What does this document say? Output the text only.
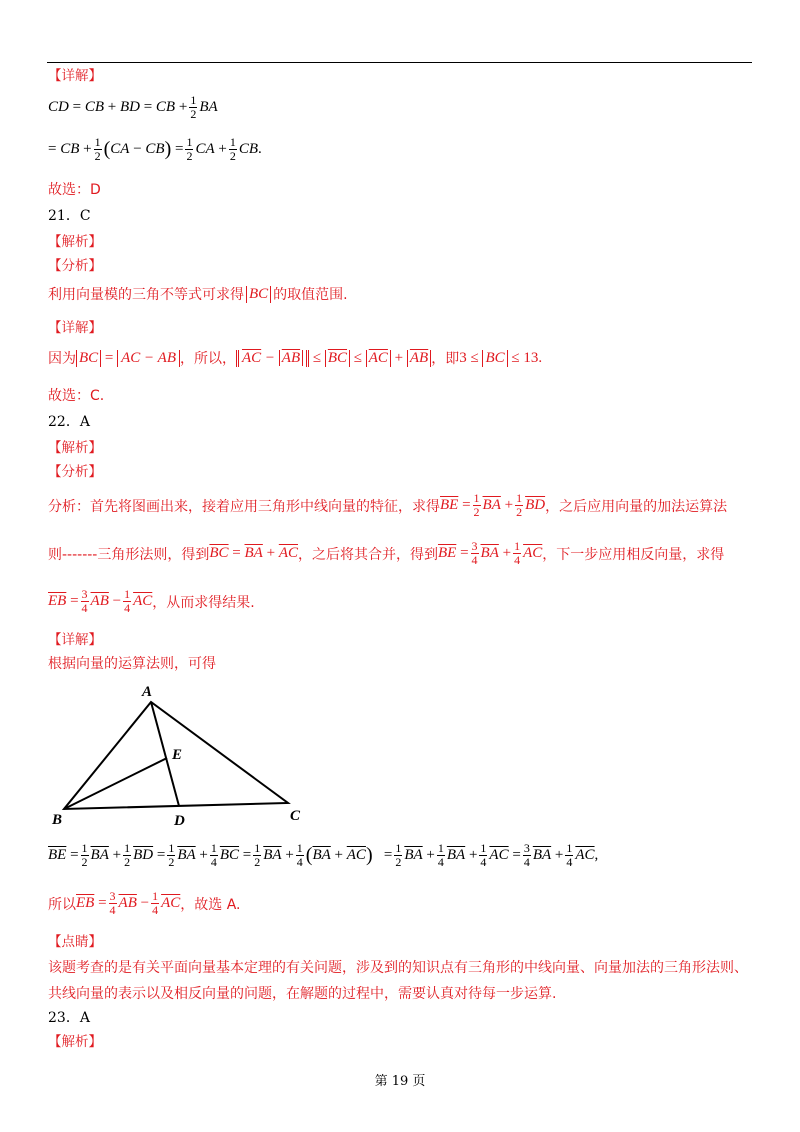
【详解】
CD
=
CB
+
BD
=
CB
+ $\frac{1}{2}$ BA
=
CB
+ $\frac{1}{2}$ ( CA
−
CB )
= $\frac{1}{2}$ CA
+ $\frac{1}{2}$ CB .
故选：D
21．C
【解析】
【分析】
利用向量模的三角不等式可求得 BC 的取值范围.
【详解】
因为 BC = AC − AB ，所以， $\overline{AC} - \overline{AB} \le \overline{BC} \le \overline{AC} + \overline{AB}$ ，即 3 ≤
BC
≤ 13 .
故选：C.
22．A
【解析】
【分析】
分析：首先将图画出来，接着应用三角形中线向量的特征，求得 $\overline{BE} = \frac{1}{2} \overline{BA} + \frac{1}{2} \overline{BD}$ ，之后应用向量的加法运算法
则-------三角形法则，得到 $\overline{BC} = \overline{BA} + \overline{AC}$ ，之后将其合并，得到 $\overline{BE} = \frac{3}{4} \overline{BA} + \frac{1}{4} \overline{AC}$ ，下一步应用相反向量，求得
$\overline{EB} = \frac{3}{4} \overline{AB} - \frac{1}{4} \overline{AC}$ ，从而求得结果.
【详解】
根据向量的运算法则，可得
A
E
B	D	C
$\overline{BE} = \frac{1}{2} \overline{BA} + \frac{1}{2} \overline{BD} = \frac{1}{2} \overline{BA} + \frac{1}{4} \overline{BC} = \frac{1}{2} \overline{BA} + \frac{1}{4}$ ( $\overline{BA} + \overline{AC}$ ) = $\frac{1}{2} \overline{BA} + \frac{1}{4} \overline{BA} + \frac{1}{4} \overline{AC} = \frac{3}{4} \overline{BA} + \frac{1}{4} \overline{AC}$ ,
所以 $\overline{EB} = \frac{3}{4} \overline{AB} - \frac{1}{4} \overline{AC}$ ，故选 A.
【点睛】
该题考查的是有关平面向量基本定理的有关问题，涉及到的知识点有三角形的中线向量、向量加法的三角形法则、
共线向量的表示以及相反向量的问题，在解题的过程中，需要认真对待每一步运算.
23．A
【解析】
第 19 页
